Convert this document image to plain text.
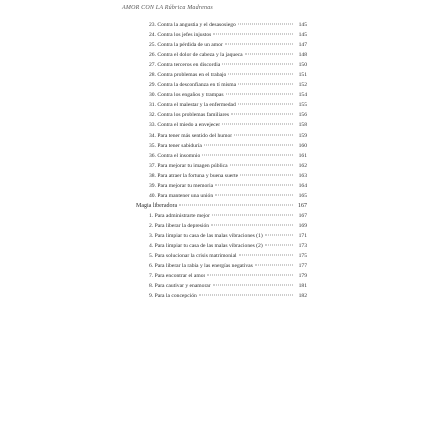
AMOR CON LA Rúbrica Madrenas
23. Contra la angustia y el desasosiego	145
24. Contra los jefes injustos	145
25. Contra la pérdida de un amor	147
26. Contra el dolor de cabeza y la jaqueca	148
27. Contra terceros en discordia	150
28. Contra problemas en el trabajo	151
29. Contra la desconfianza en tí misma	152
30. Contra los engaños y trampas	154
31. Contra el malestar y la enfermedad	155
32. Contra los problemas familiares	156
33. Contra el miedo a envejecer	158
34. Para tener más sentido del humor	159
35. Para tener sabiduría	160
36. Contra el insomnio	161
37. Para mejorar tu imagen pública	162
38. Para atraer la fortuna y buena suerte	163
39. Para mejorar tu memoria	164
40. Para mantener una unión	165
Magia liberadora	167
1. Para administrarte mejor	167
2. Para liberar la depresión	169
3. Para limpiar tu casa de las malas vibraciones (1)	171
4. Para limpiar tu casa de las malas vibraciones (2)	173
5. Para solucionar la crisis matrimonial	175
6. Para liberar la rabia y las energías negativas	177
7. Para encontrar el amor	179
8. Para cautivar y enamorar	181
9. Para la concepción	182
